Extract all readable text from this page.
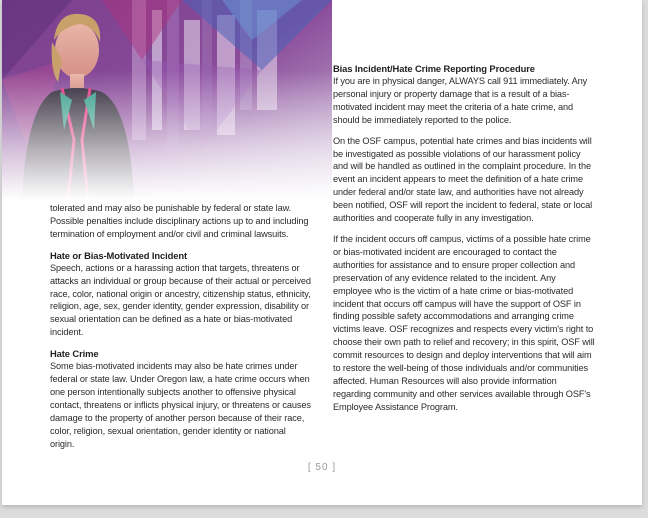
tolerated and may also be punishable by federal or state law. Possible penalties include disciplinary actions up to and including termination of employment and/or civil and criminal lawsuits.

Hate or Bias-Motivated Incident

Speech, actions or a harassing action that targets, threatens or attacks an individual or group because of their actual or perceived race, color, national origin or ancestry, citizenship status, ethnicity, religion, age, sex, gender identity, gender expression, disability or sexual orientation can be defined as a hate or bias-motivated incident.

Hate Crime

Some bias-motivated incidents may also be hate crimes under federal or state law. Under Oregon law, a hate crime occurs when one person intentionally subjects another to offensive physical contact, threatens or inflicts physical injury, or threatens or causes damage to the property of another person because of their race, color, religion, sexual orientation, gender identity or national origin.

Bias Incident/Hate Crime Reporting Procedure

If you are in physical danger, ALWAYS call 911 immediately. Any personal injury or property damage that is a result of a bias-motivated incident may meet the criteria of a hate crime, and should be immediately reported to the police.

On the OSF campus, potential hate crimes and bias incidents will be investigated as possible violations of our harassment policy and will be handled as outlined in the complaint procedure. In the event an incident appears to meet the definition of a hate crime under federal and/or state law, and authorities have not already been notified, OSF will report the incident to federal, state or local authorities and cooperate fully in any investigation.

If the incident occurs off campus, victims of a possible hate crime or bias-motivated incident are encouraged to contact the authorities for assistance and to ensure proper collection and preservation of any evidence related to the incident. Any employee who is the victim of a hate crime or bias-motivated incident that occurs off campus will have the support of OSF in finding possible safety accommodations and arranging crime victims leave. OSF recognizes and respects every victim's right to choose their own path to relief and recovery; in this spirit, OSF will commit resources to design and deploy interventions that will aim to restore the well-being of those individuals and/or communities affected. Human Resources will also provide information regarding community and other services available through OSF's Employee Assistance Program.

[ 50 ]
